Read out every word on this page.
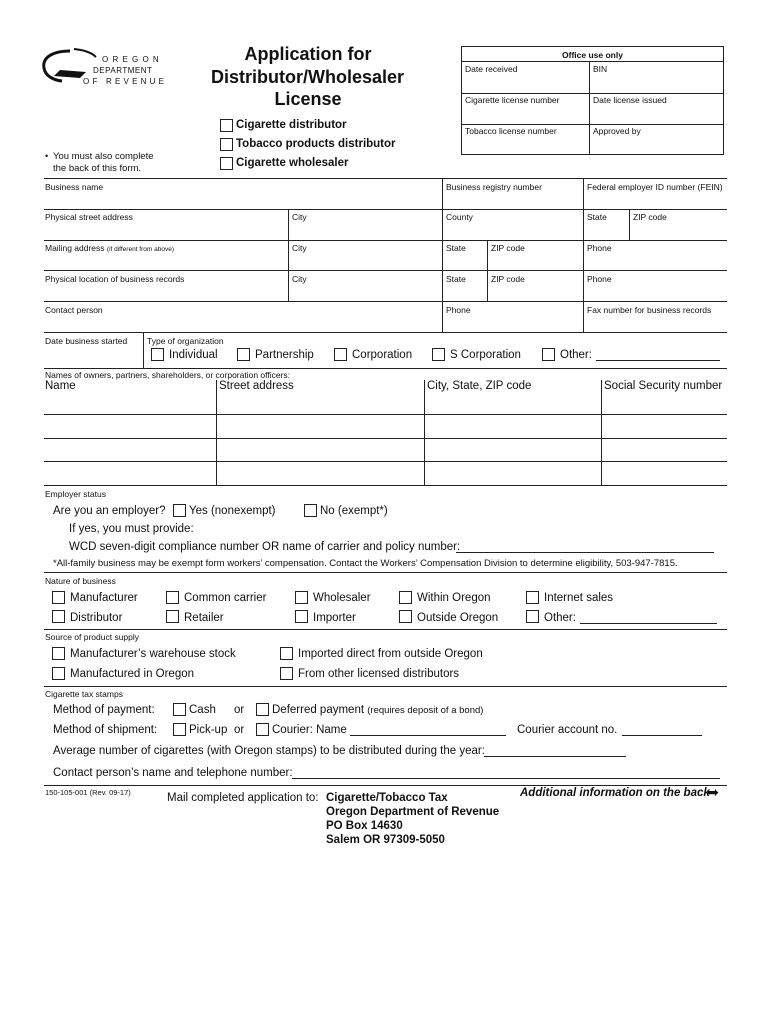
O R E G O N
DEPARTMENT
O F   R E V E N U E
Application for
Distributor/Wholesaler
License
Cigarette distributor
Tobacco products distributor
Cigarette wholesaler
• You must also complete
the back of this form.
Office use only
Date received	BIN
Cigarette license number	Date license issued
Tobacco license number	Approved by
Business name	Business registry number	Federal employer ID number (FEIN)
Physical street address	City	County	State	ZIP code
Mailing address (if different from above)	City	State	ZIP code	Phone
Physical location of business records	City	State	ZIP code	Phone
Contact person	Phone	Fax number for business records
Date business started Type of organization
Individual	Partnership	Corporation	S Corporation	Other:
Names of owners, partners, shareholders, or corporation officers:
Name	Street address	City, State, ZIP code	Social Security number
Employer status
Are you an employer? Yes (nonexempt)	No (exempt*)
If yes, you must provide:
WCD seven-digit compliance number OR name of carrier and policy number:
*All-family business may be exempt form workers’ compensation. Contact the Workers’ Compensation Division to determine eligibility, 503-947-7815.
Nature of business
Manufacturer	Common carrier	Wholesaler	Within Oregon	Internet sales
Distributor	Retailer	Importer	Outside Oregon	Other:
Source of product supply
Manufacturer’s warehouse stock	Imported direct from outside Oregon
Manufactured in Oregon	From other licensed distributors
Cigarette tax stamps
Method of payment:	Cash or Deferred payment (requires deposit of a bond)
Method of shipment:	Pick-up or Courier: Name	Courier account no.
Average number of cigarettes (with Oregon stamps) to be distributed during the year:
Contact person’s name and telephone number:
150-105-001 (Rev. 09-17)	Mail completed application to: Cigarette/Tobacco Tax
Oregon Department of Revenue
PO Box 14630
Salem OR 97309-5050
Additional information on the back
➡
